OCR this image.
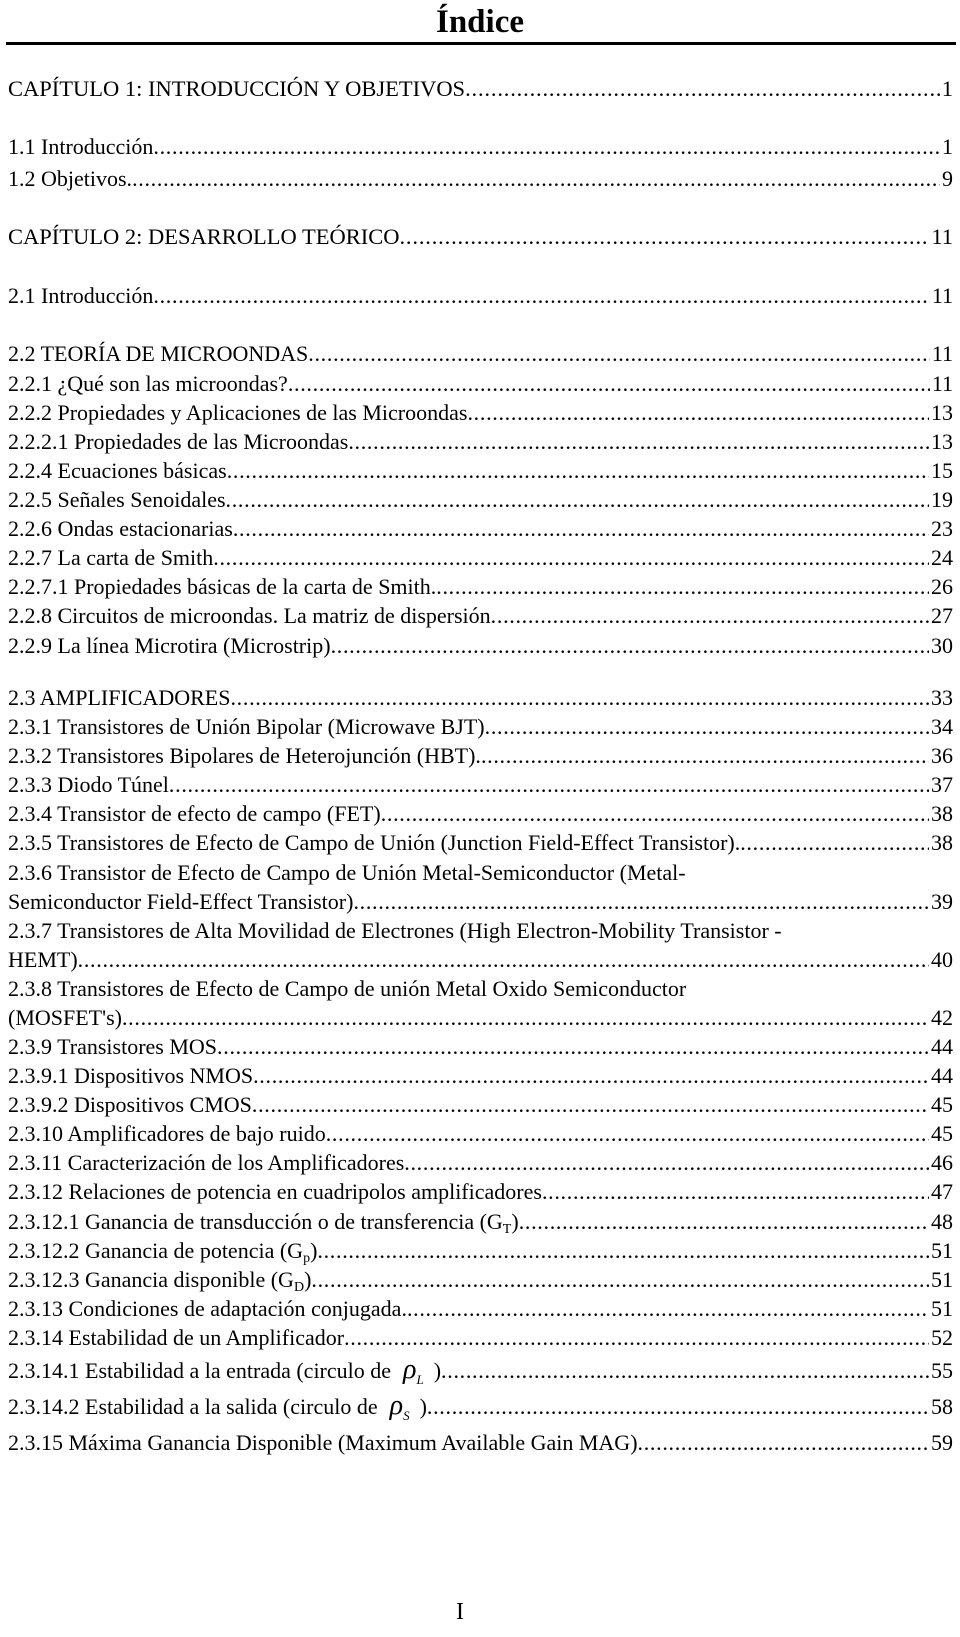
Índice
CAPÍTULO 1: INTRODUCCIÓN Y OBJETIVOS . . .	1
1.1 Introducción . . .	1
1.2 Objetivos. . . .	9
CAPÍTULO 2: DESARROLLO TEÓRICO . . .	11
2.1 Introducción . . .	11
2.2 TEORÍA DE MICROONDAS . . .	11
2.2.1 ¿Qué son las microondas? . . .	11
2.2.2 Propiedades y Aplicaciones de las Microondas . . .	13
2.2.2.1 Propiedades de las Microondas . . .	13
2.2.4 Ecuaciones básicas . . .	15
2.2.5 Señales Senoidales . . .	19
2.2.6 Ondas estacionarias . . .	23
2.2.7 La carta de Smith . . .	24
2.2.7.1 Propiedades básicas de la carta de Smith. . . .	26
2.2.8 Circuitos de microondas. La matriz de dispersión . . .	27
2.2.9 La línea Microtira (Microstrip) . . .	30
2.3 AMPLIFICADORES . . .	33
2.3.1 Transistores de Unión Bipolar (Microwave BJT) . . .	34
2.3.2 Transistores Bipolares de Heterojunción (HBT). . . .	36
2.3.3 Diodo Túnel . . .	37
2.3.4 Transistor de efecto de campo (FET) . . .	38
2.3.5 Transistores de Efecto de Campo de Unión (Junction Field-Effect Transistor). . . .	38
2.3.6 Transistor de Efecto de Campo de Unión Metal-Semiconductor (Metal-
Semiconductor Field-Effect Transistor) . . .	39
2.3.7 Transistores de Alta Movilidad de Electrones (High Electron-Mobility Transistor -
HEMT) . . .	40
2.3.8 Transistores de Efecto de Campo de unión Metal Oxido Semiconductor
(MOSFET's) . . .	42
2.3.9 Transistores MOS . . .	44
2.3.9.1 Dispositivos NMOS . . .	44
2.3.9.2 Dispositivos CMOS . . .	45
2.3.10 Amplificadores de bajo ruido . . .	45
2.3.11 Caracterización de los Amplificadores . . .	46
2.3.12 Relaciones de potencia en cuadripolos amplificadores . . .	47
2.3.12.1 Ganancia de transducción o de transferencia $(G_T)$ . . .	48
2.3.12.2 Ganancia de potencia $(G_p)$ . . .	51
2.3.12.3 Ganancia disponible $(G_D)$ . . .	51
2.3.13 Condiciones de adaptación conjugada. . . .	51
2.3.14 Estabilidad de un Amplificador . . .	52
2.3.14.1 Estabilidad a la entrada (circulo de $\rho_L$ ) . . .	55
2.3.14.2 Estabilidad a la salida (circulo de $\rho_S$ ) . . .	58
2.3.15 Máxima Ganancia Disponible (Maximum Available Gain MAG) . . .	59
I
